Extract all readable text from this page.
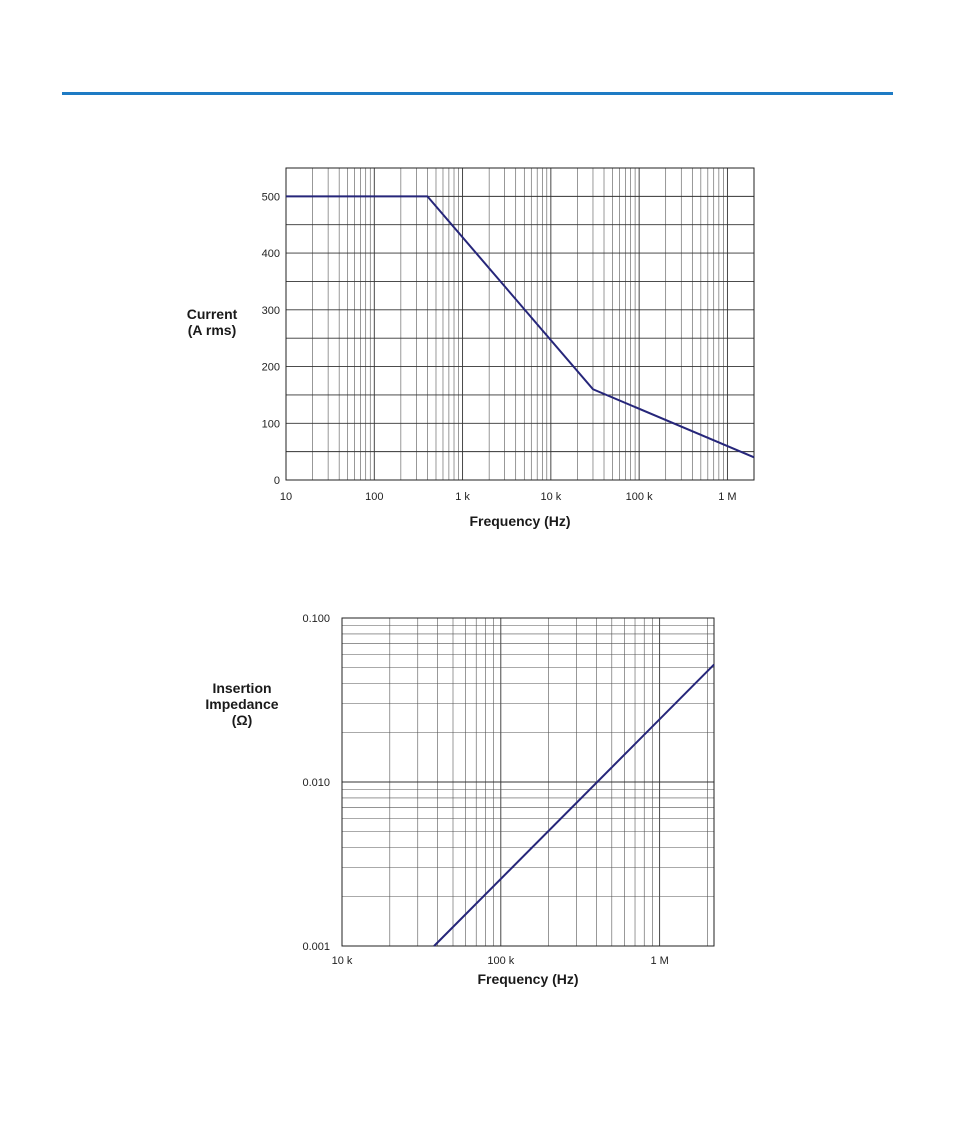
10	100	1 k	10 k	100 k	1 M
0
100
200
300
400
500
Frequency (Hz)
Current
(A rms)
10 k	100 k	1 M
0.001
0.010
0.100
Frequency (Hz)
Insertion
Impedance
(Ω)
